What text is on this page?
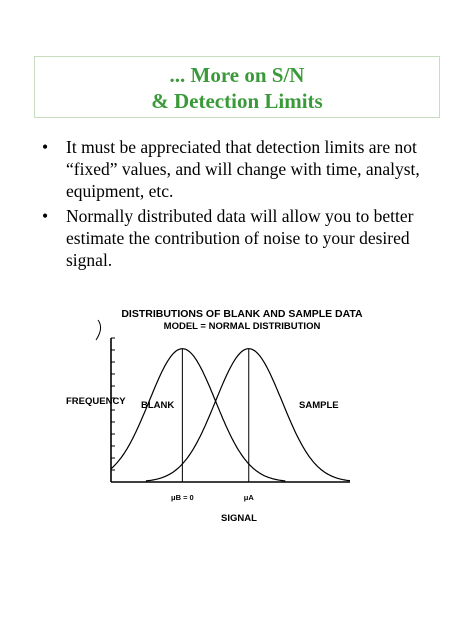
... More on S/N
& Detection Limits
• It must be appreciated that detection limits are not “fixed” values, and will change with time, analyst, equipment, etc.
• Normally distributed data will allow you to better estimate the contribution of noise to your desired signal.
DISTRIBUTIONS OF BLANK AND SAMPLE DATA
MODEL = NORMAL DISTRIBUTION
FREQUENCY
SIGNAL
BLANK	SAMPLE
μB = 0	μA
